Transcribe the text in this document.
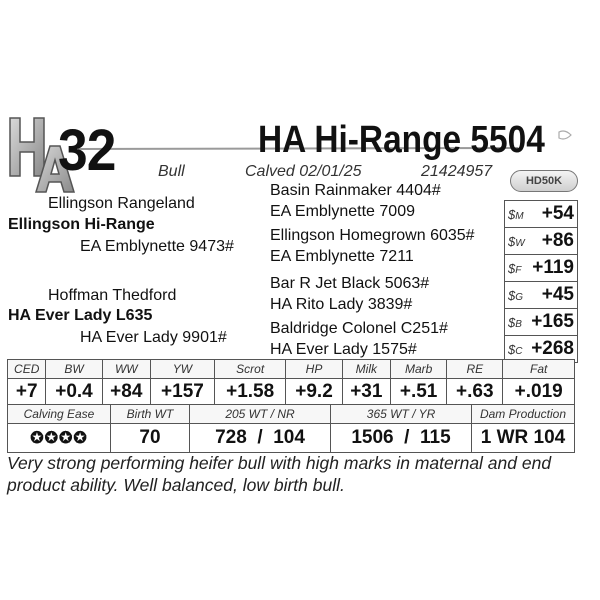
32	HA Hi-Range 5504
Bull	Calved 02/01/25	21424957
HD50K
Ellingson Rangeland
Ellingson Hi-Range
EA Emblynette 9473#
Hoffman Thedford
HA Ever Lady L635
HA Ever Lady 9901#
Basin Rainmaker 4404#
EA Emblynette 7009
Ellingson Homegrown 6035#
EA Emblynette 7211
Bar R Jet Black 5063#
HA Rito Lady 3839#
Baldridge Colonel C251#
HA Ever Lady 1575#
$M +54
$W +86
$F +119
$G +45
$B +165
$C +268
CED	BW	WW	YW	Scrot	HP	Milk	Marb	RE	Fat
+7	+0.4	+84	+157	+1.58	+9.2	+31	+.51	+.63	+.019
Calving Ease	Birth WT	205 WT / NR	365 WT / YR	Dam Production
✪✪✪✪	70	728 / 104	1506 / 115	1 WR 104
Very strong performing heifer bull with high marks in maternal and end product ability. Well balanced, low birth bull.
